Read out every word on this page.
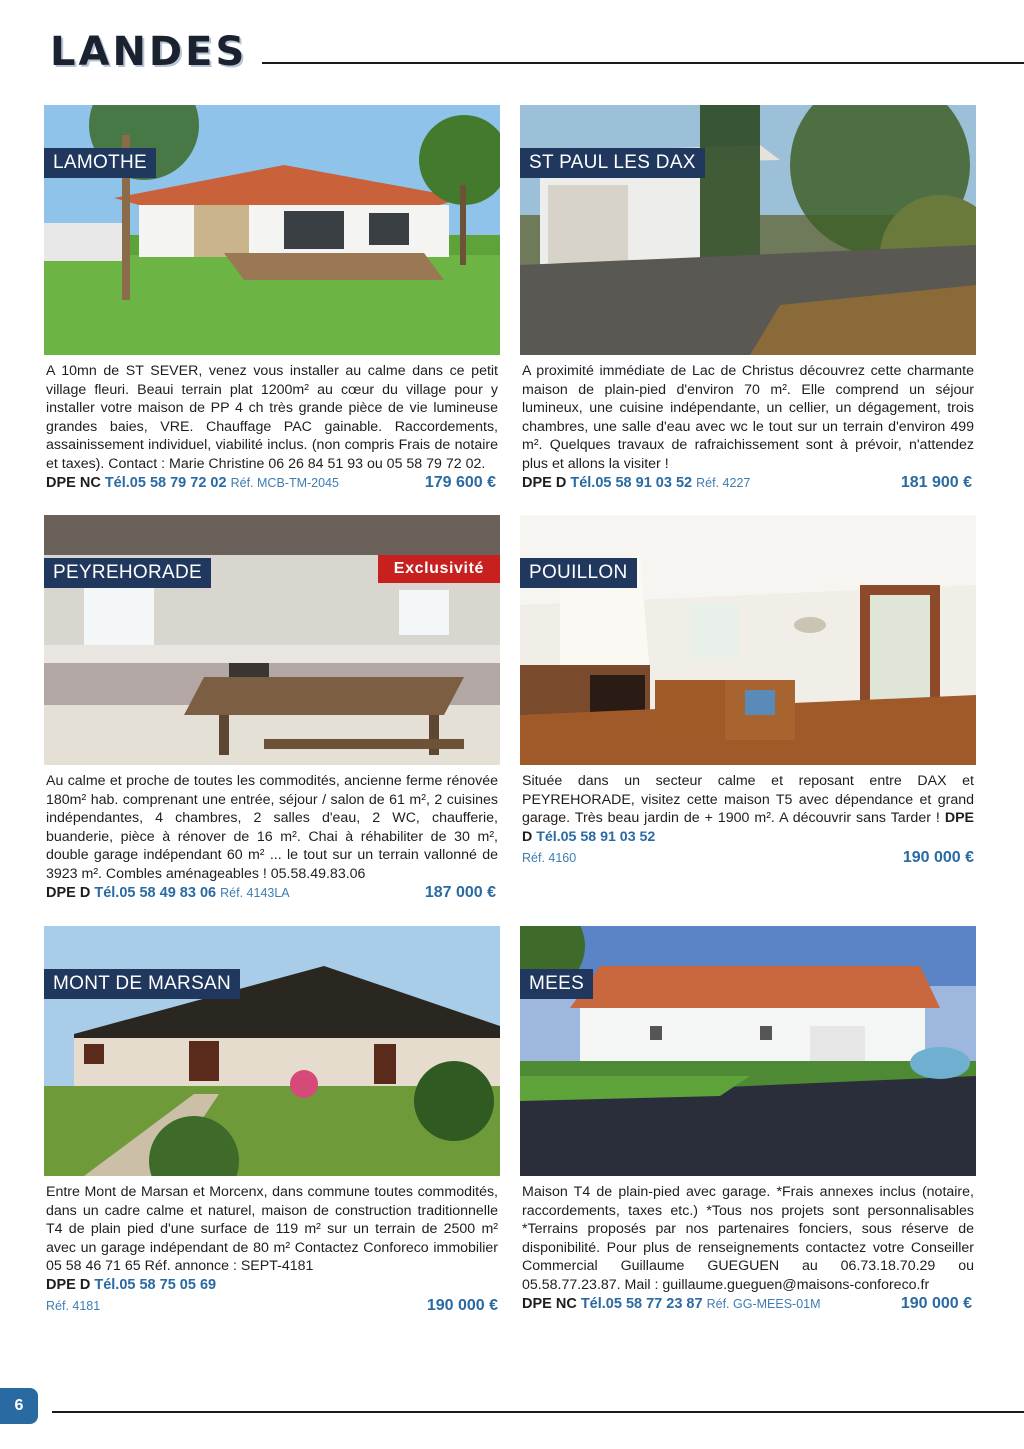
LANDES
LAMOTHE

A 10mn de ST SEVER, venez vous installer au calme dans ce petit village fleuri. Beaui terrain plat 1200m² au cœur du village pour y installer votre maison de PP 4 ch très grande pièce de vie lumineuse grandes baies, VRE. Chauffage PAC gainable. Raccordements, assainissement individuel, viabilité inclus. (non compris Frais de notaire et taxes). Contact : Marie Christine 06 26 84 51 93 ou 05 58 79 72 02.

DPE NC Tél.05 58 79 72 02 Réf. MCB-TM-2045	179 600 €
ST PAUL LES DAX

A proximité immédiate de Lac de Christus découvrez cette charmante maison de plain-pied d'environ 70 m². Elle comprend un séjour lumineux, une cuisine indépendante, un cellier, un dégagement, trois chambres, une salle d'eau avec wc le tout sur un terrain d'environ 499 m². Quelques travaux de rafraichissement sont à prévoir, n'attendez plus et allons la visiter !

DPE D Tél.05 58 91 03 52 Réf. 4227	181 900 €
PEYREHORADE	Exclusivité

Au calme et proche de toutes les commodités, ancienne ferme rénovée 180m² hab. comprenant une entrée, séjour / salon de 61 m², 2 cuisines indépendantes, 4 chambres, 2 salles d'eau, 2 WC, chaufferie, buanderie, pièce à rénover de 16 m². Chai à réhabiliter de 30 m², double garage indépendant 60 m² ... le tout sur un terrain vallonné de 3923 m². Combles aménageables ! 05.58.49.83.06

DPE D Tél.05 58 49 83 06 Réf. 4143LA	187 000 €
POUILLON

Située dans un secteur calme et reposant entre DAX et PEYREHORADE, visitez cette maison T5 avec dépendance et grand garage. Très beau jardin de + 1900 m². A découvrir sans Tarder ! DPE D Tél.05 58 91 03 52

Réf. 4160	190 000 €
MONT DE MARSAN

Entre Mont de Marsan et Morcenx, dans commune toutes commodités, dans un cadre calme et naturel, maison de construction traditionnelle T4 de plain pied d'une surface de 119 m² sur un terrain de 2500 m² avec un garage indépendant de 80 m² Contactez Conforeco immobilier 05 58 46 71 65 Réf. annonce : SEPT-4181

DPE D Tél.05 58 75 05 69
Réf. 4181	190 000 €
MEES

Maison T4 de plain-pied avec garage. *Frais annexes inclus (notaire, raccordements, taxes etc.) *Tous nos projets sont personnalisables *Terrains proposés par nos partenaires fonciers, sous réserve de disponibilité. Pour plus de renseignements contactez votre Conseiller Commercial Guillaume GUEGUEN au 06.73.18.70.29 ou 05.58.77.23.87. Mail : guillaume.gueguen@maisons-conforeco.fr

DPE NC Tél.05 58 77 23 87 Réf. GG-MEES-01M	190 000 €
6
